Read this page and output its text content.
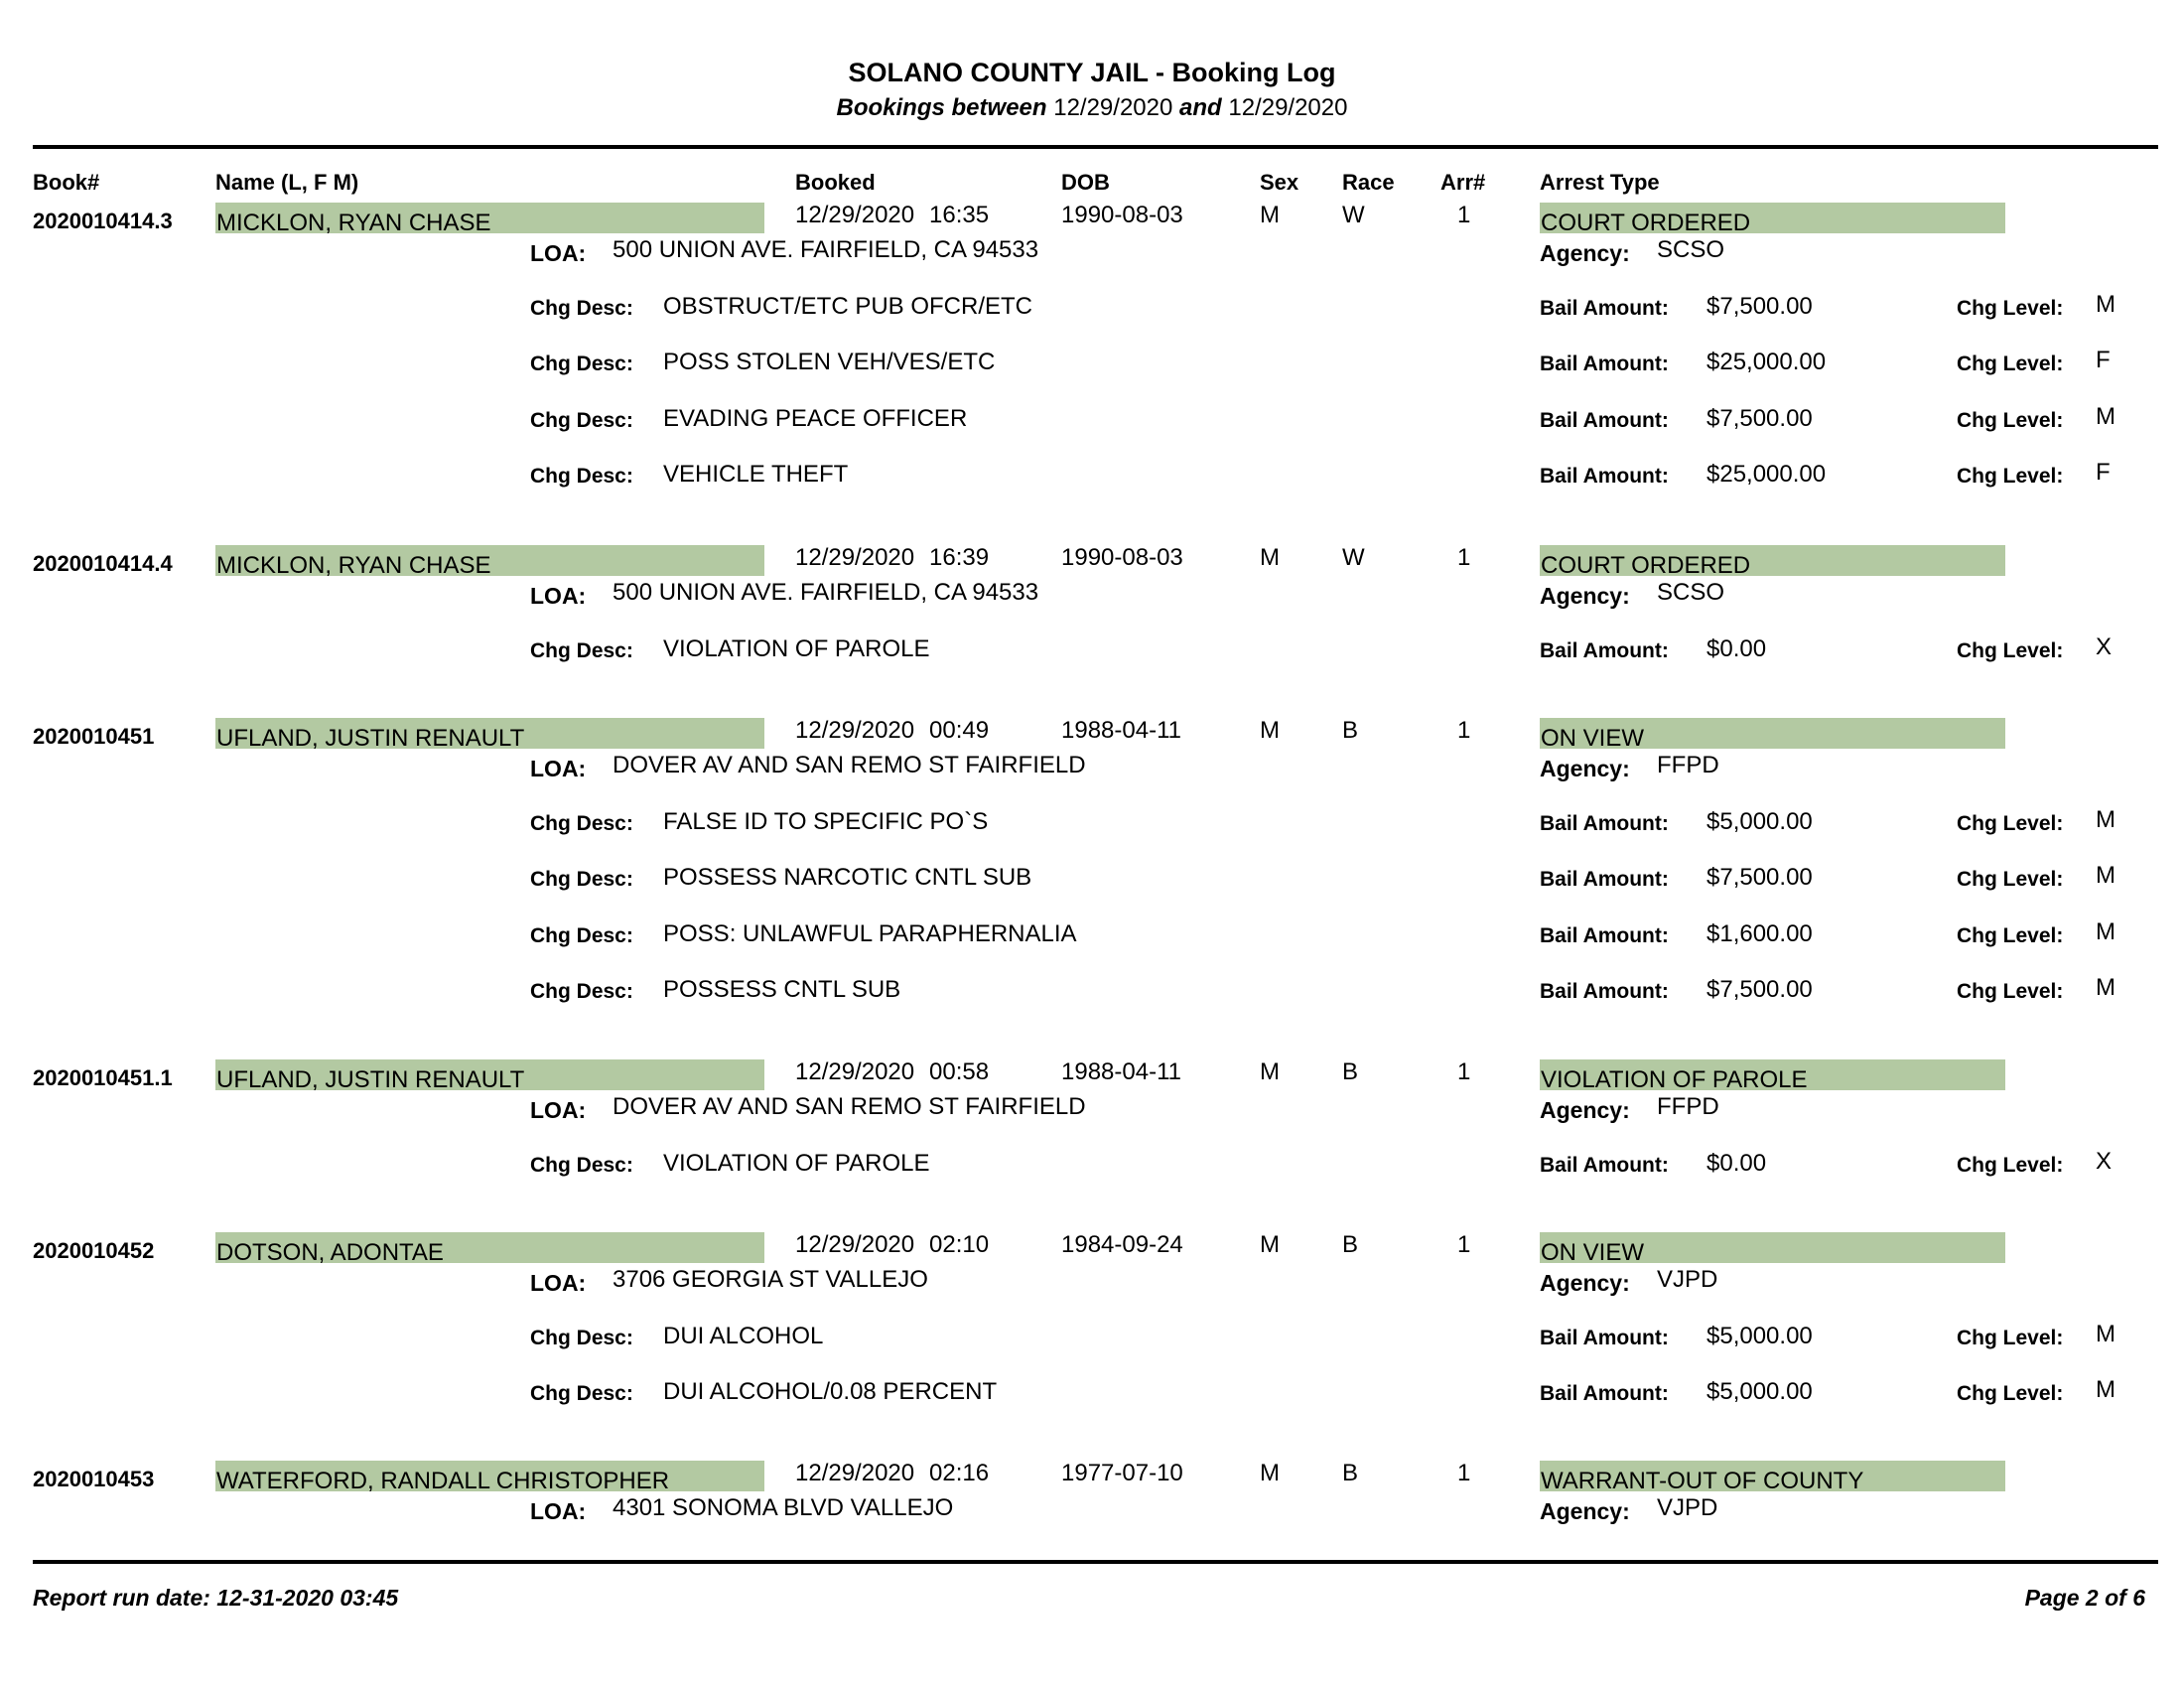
SOLANO COUNTY JAIL - Booking Log
Bookings between 12/29/2020 and 12/29/2020
Book#	Name (L, F M)	Booked	DOB	Sex Race Arr# Arrest Type
2020010414.3 MICKLON, RYAN CHASE	12/29/2020 16:35	1990-08-03	M	W	1	COURT ORDERED
LOA: 500 UNION AVE. FAIRFIELD, CA 94533	Agency: SCSO
Chg Desc: OBSTRUCT/ETC PUB OFCR/ETC	Bail Amount: $7,500.00	Chg Level: M
Chg Desc: POSS STOLEN VEH/VES/ETC	Bail Amount: $25,000.00	Chg Level: F
Chg Desc: EVADING PEACE OFFICER	Bail Amount: $7,500.00	Chg Level: M
Chg Desc: VEHICLE THEFT	Bail Amount: $25,000.00	Chg Level: F
2020010414.4 MICKLON, RYAN CHASE	12/29/2020 16:39	1990-08-03	M	W	1	COURT ORDERED
LOA: 500 UNION AVE. FAIRFIELD, CA 94533	Agency: SCSO
Chg Desc: VIOLATION OF PAROLE	Bail Amount: $0.00	Chg Level: X
2020010451	UFLAND, JUSTIN RENAULT	12/29/2020 00:49	1988-04-11	M	B	1	ON VIEW
LOA: DOVER AV AND SAN REMO ST FAIRFIELD	Agency: FFPD
Chg Desc: FALSE ID TO SPECIFIC PO`S	Bail Amount: $5,000.00	Chg Level: M
Chg Desc: POSSESS NARCOTIC CNTL SUB	Bail Amount: $7,500.00	Chg Level: M
Chg Desc: POSS: UNLAWFUL PARAPHERNALIA	Bail Amount: $1,600.00	Chg Level: M
Chg Desc: POSSESS CNTL SUB	Bail Amount: $7,500.00	Chg Level: M
2020010451.1 UFLAND, JUSTIN RENAULT	12/29/2020 00:58	1988-04-11	M	B	1	VIOLATION OF PAROLE
LOA: DOVER AV AND SAN REMO ST FAIRFIELD	Agency: FFPD
Chg Desc: VIOLATION OF PAROLE	Bail Amount: $0.00	Chg Level: X
2020010452	DOTSON, ADONTAE	12/29/2020 02:10	1984-09-24	M	B	1	ON VIEW
LOA: 3706 GEORGIA ST VALLEJO	Agency: VJPD
Chg Desc: DUI ALCOHOL	Bail Amount: $5,000.00	Chg Level: M
Chg Desc: DUI ALCOHOL/0.08 PERCENT	Bail Amount: $5,000.00	Chg Level: M
2020010453	WATERFORD, RANDALL CHRISTOPHER	12/29/2020 02:16	1977-07-10	M	B	1	WARRANT-OUT OF COUNTY
LOA: 4301 SONOMA BLVD VALLEJO	Agency: VJPD
Report run date: 12-31-2020 03:45	Page 2 of 6
